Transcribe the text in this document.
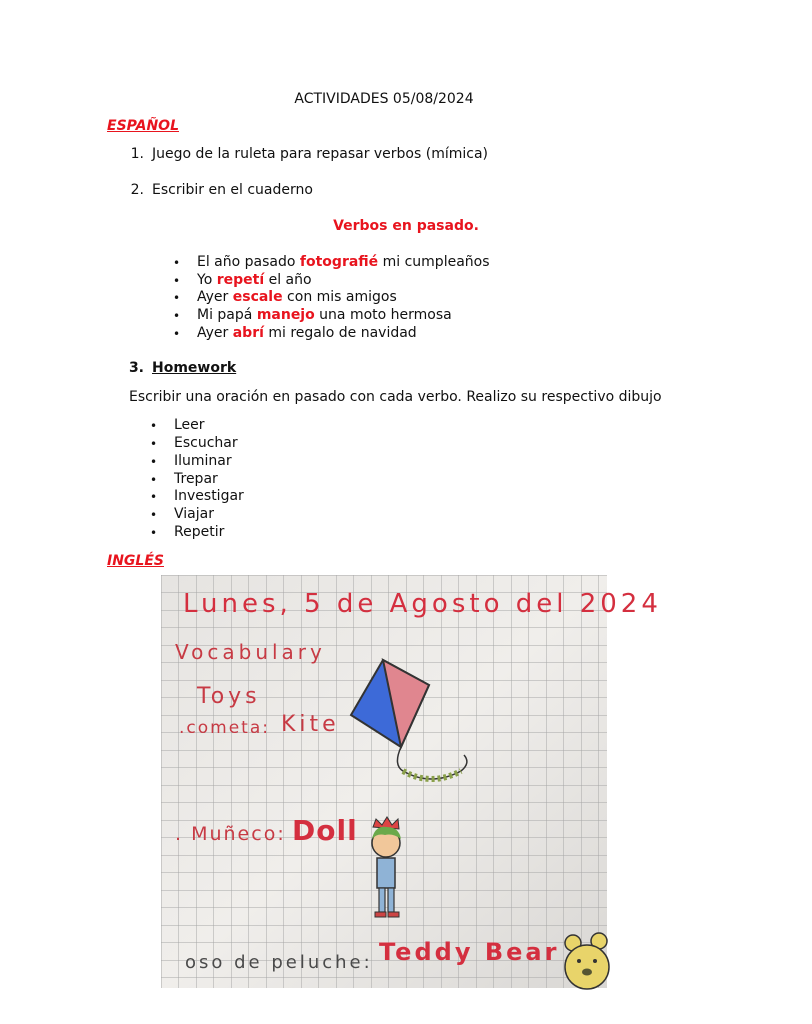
ACTIVIDADES 05/08/2024
ESPAÑOL
1. Juego de la ruleta para repasar verbos (mímica)
2. Escribir en el cuaderno
Verbos en pasado.
• El año pasado fotografié mi cumpleaños
• Yo repetí el año
• Ayer escale con mis amigos
• Mi papá manejo una moto hermosa
• Ayer abrí mi regalo de navidad
3. Homework
Escribir una oración en pasado con cada verbo. Realizo su respectivo dibujo
• Leer
• Escuchar
• Iluminar
• Trepar
• Investigar
• Viajar
• Repetir
INGLÉS
Lunes, 5 de Agosto del 2024
Vocabulary
Toys
.cometa: Kite
. Muñeco: Doll
oso de peluche: Teddy Bear
